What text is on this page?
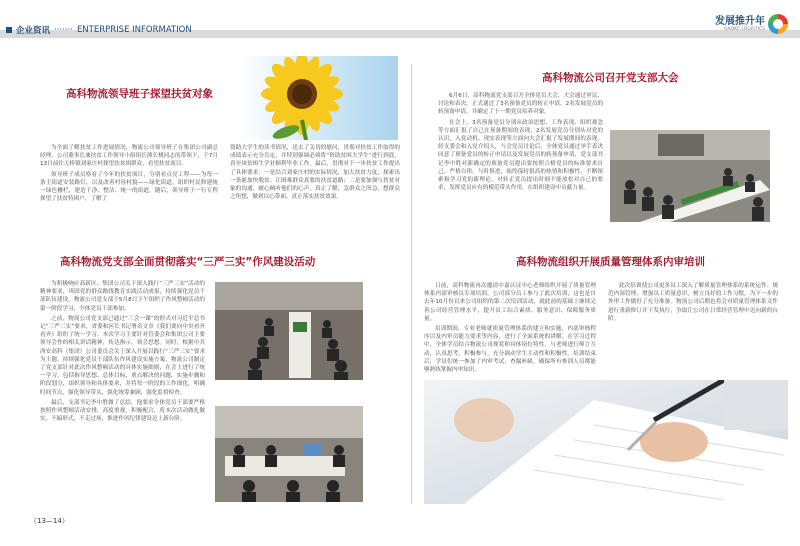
企业资讯 ······· ENTERPRISE INFORMATION
发展推升年
GAOKE LOGISTICS
高科物流领导班子探望扶贫对象

为全面了解扶贫工作进展情况，物流公司领导班子在集团公司副总经理、公司董事长兼扶贫工作领导小组组长熊长桃同志的带领下，于7月13日前往天桥镇刘家庄村探望扶贫困群众，看望扶贫项目。

领导班子成员察看了今年的扶贫项目，分别看点亮工程——为每一条主街道安装路灯，以及改善村容村貌——绿化街道，组织村民修建统一绿色栅栏，建造干净、整洁、统一的街道。随后，领导班子一行专程探望了扶贫特困户，了解了

资助大学生的读书情况，送去了关切的慰问，贯彻对扶贫工作取得的成绩表示充分肯定，并特别强调必须将“资助贫困大学生”进行到底，真至该贫困生学业顺利毕业工作。最后，贯彻对下一步扶贫工作提出了具体要求：一是结合刘家庄村的实际情况，加大扶贫力度，探索出一条能加快脱贫；让困难群众真要的扶贫道路；二是要加强与扶贫对象的沟通，耐心倾听他们的心声，真正了解，急群众之所急，想群众之所想，做到以心带面，真正落实扶贫效果。

高科物流公司召开党支部大会

6月6日，高科物流党支部召开全体党员大会，大会通过审议、讨论和表决，正式通过了3名预备党员的转正申请，2名发展党员的转预备申请，并确定了下一期党员培养对象。

在会上，3名预备党员分别从政治思想、工作表现、组织观念等方面汇报了自己在预备期间的表现，2名发展党员分别从对党的认识，入党动机、现实表现等方面向大会汇报了发展期间的表现。经支委会和入党介绍人，与会党员讨论后，全体党员通过举手表决同意了预备党员的转正申请以及发展党员的转预备申请，党支部书记李中胜对新确定的预备党员提出要按照合格党员的标准要求自己，严格自律，与时俱进，始终保持很高的热情和积极性，不断探索和学习党的新理论，对转正党员提出时刻不能放松对自己的要求，发挥党员应有的模范带头作用，在组织建设中贡献力量。

高科物流党支部全面贯彻落实“三严三实”作风建设活动

为积极响应高新区、集团公司关于深入践行“三严三实”活动的精神要求，巩固党的群众路线教育实践活动成果，持续强化党员干部队伍建设，物流公司党支部于5月8日下午组织了作风整顿活动的第一阶段学习，全体党员干部参加。

之前，物流公司党支部已通过“三会一课”的形式对习近平总书记“三严三实”要求，省委和区长书记署名文章《我们要向中央看齐看齐》组织了统一学习。本次学习主要针对管委会和集团公司主要领导会作的相关讲话精神，传达指示，领会思想。同时，根据中共西安高科（集团）公司委员会关于深入开展以践行“三严三实”要求为主题，持续强化党员干部队伍作风建设实施方案，物流公司制定了党支部针对此次作风整顿活动的具体实施细则，在会上进行了统一学习，包括指导思想、总体目标、重点解决的问题、实施步骤和阶段划分，组织领导和具体要求，并将每一阶段的工作细化，明确时间节点，强化领导带头，强化统筹兼顾，强化监督检查。

最后，支部书记李中胜做了总结，他要求全体党员干部要严格按照作风整顿活动安排，高度重视，积极配合，将本次活动做扎做实，不搞形式，不走过场，推进作风纪律建设迈上新台阶。

高科物流组织开展质量管理体系内审培训

日前，高科物流再次邀请中嘉认证中心老师组织开展了质量管理体系内部审核员专项培训，公司部分员工参与了此次培训，这也是自去年10月份以来公司组织的第二次培训活动，就此前的基础上继续完善公司经营管理水平，提升员工综合素质、服务意识、保障服务质量。

培训期间，专业老师就质量管理体系的建立和实施、内部审核程序以及内审员能力要求等内容，进行了全面系统的讲解。在学习过程中，全体学员结合物流公司现状和具体岗位特性，与老师进行师言互动，认真思考，积极参与，充分调动学生主动性和积极性。培训结束后，学员们统一参加了内审考试，查漏补缺，确保所有参训人员都能够熟练掌握内审知识。

此次培训使公司更多员工深入了解质量管理体系的系统运作、规范内部管理、增强员工质量意识，树立良好的工作习惯，为下一步的外审工作做好了充分准备。物流公司后期也将会对质量管理体系文件进行重新修订并下发执行，争取让公司在日常经营管理中迈向新的台阶。

（13—14）
